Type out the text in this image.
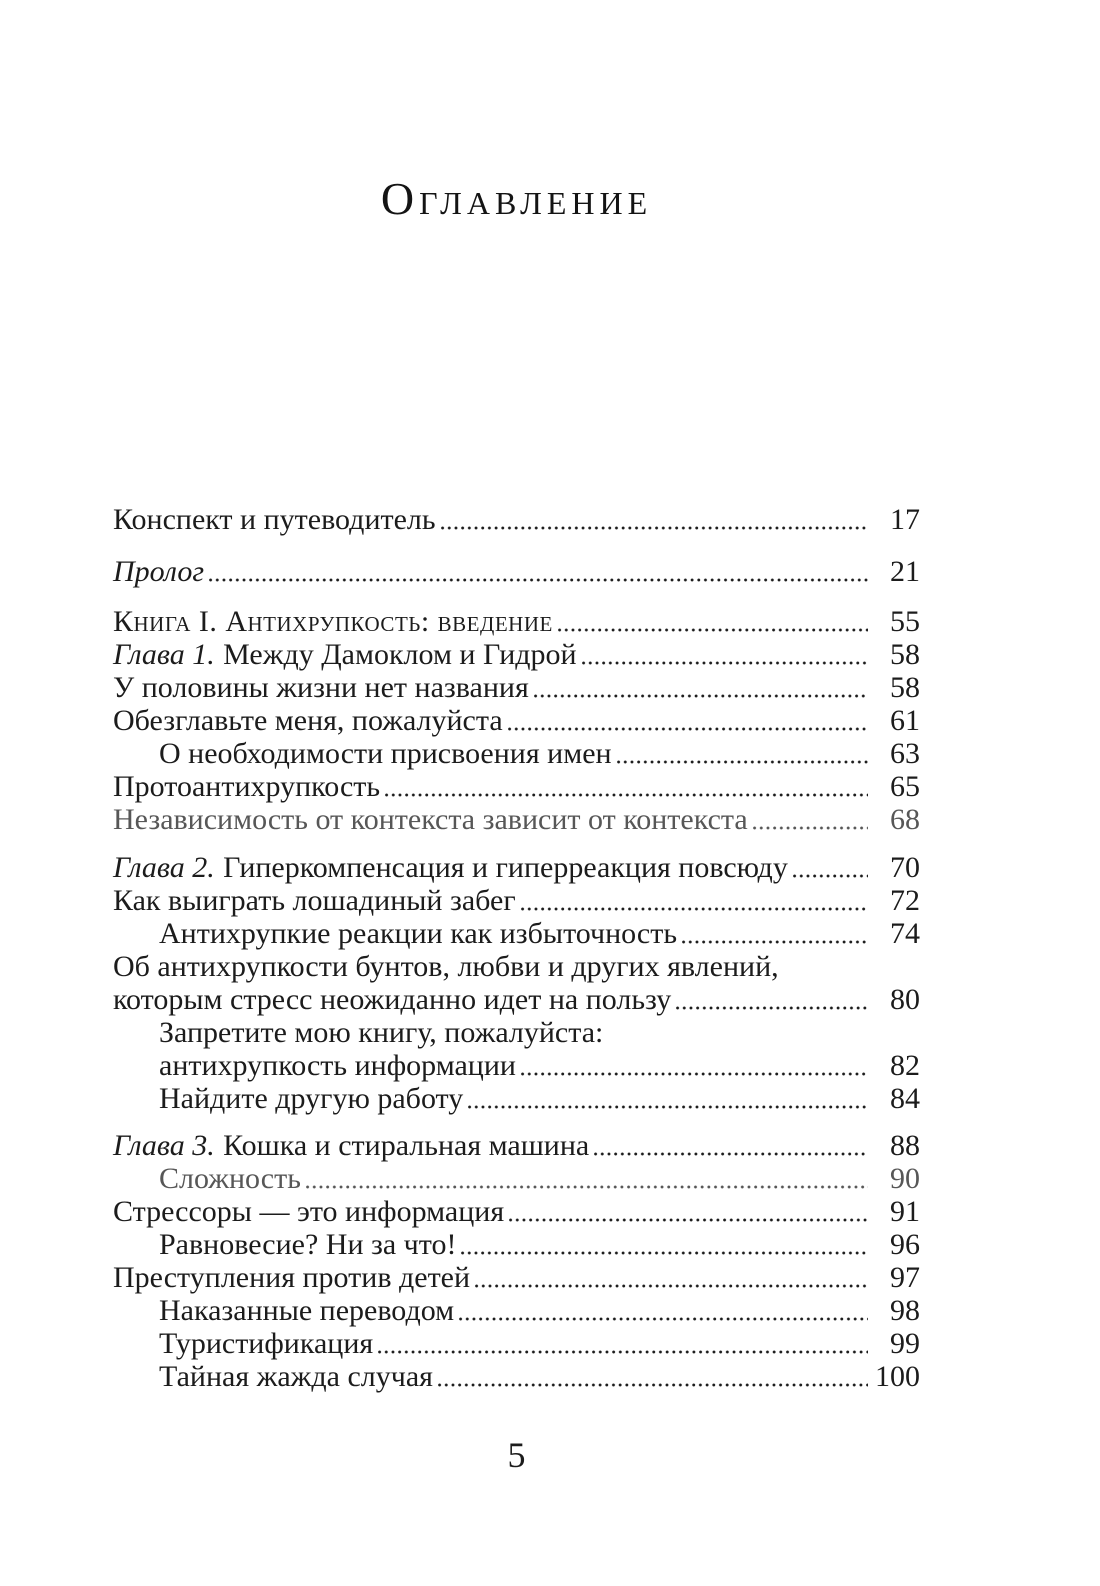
Оглавление
Конспект и путеводитель	17
Пролог	21
Книга I. Антихрупкость: введение	55
Глава 1. Между Дамоклом и Гидрой	58
У половины жизни нет названия	58
Обезглавьте меня, пожалуйста	61
О необходимости присвоения имен	63
Протоантихрупкость	65
Независимость от контекста зависит от контекста	68
Глава 2. Гиперкомпенсация и гиперреакция повсюду	70
Как выиграть лошадиный забег	72
Антихрупкие реакции как избыточность	74
Об антихрупкости бунтов, любви и других явлений,
которым стресс неожиданно идет на пользу	80
Запретите мою книгу, пожалуйста:
антихрупкость информации	82
Найдите другую работу	84
Глава 3. Кошка и стиральная машина	88
Сложность	90
Стрессоры — это информация	91
Равновесие? Ни за что!	96
Преступления против детей	97
Наказанные переводом	98
Туристификация	99
Тайная жажда случая	100
5
